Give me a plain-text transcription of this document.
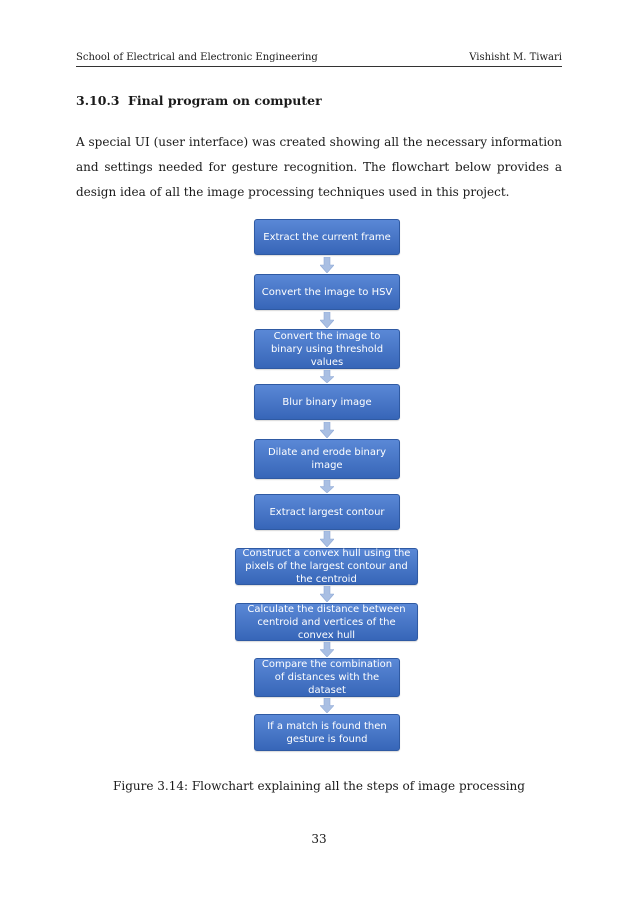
School of Electrical and Electronic Engineering	Vishisht M. Tiwari
3.10.3 Final program on computer
A special UI (user interface) was created showing all the necessary information and settings needed for gesture recognition. The flowchart below provides a design idea of all the image processing techniques used in this project.
Extract the current frame
Convert the image to HSV
Convert the image to binary using threshold values
Blur binary image
Dilate and erode binary image
Extract largest contour
Construct a convex hull using the pixels of the largest contour and the centroid
Calculate the distance between centroid and vertices of the convex hull
Compare the combination of distances with the dataset
If a match is found then gesture is found
Figure 3.14: Flowchart explaining all the steps of image processing
33
